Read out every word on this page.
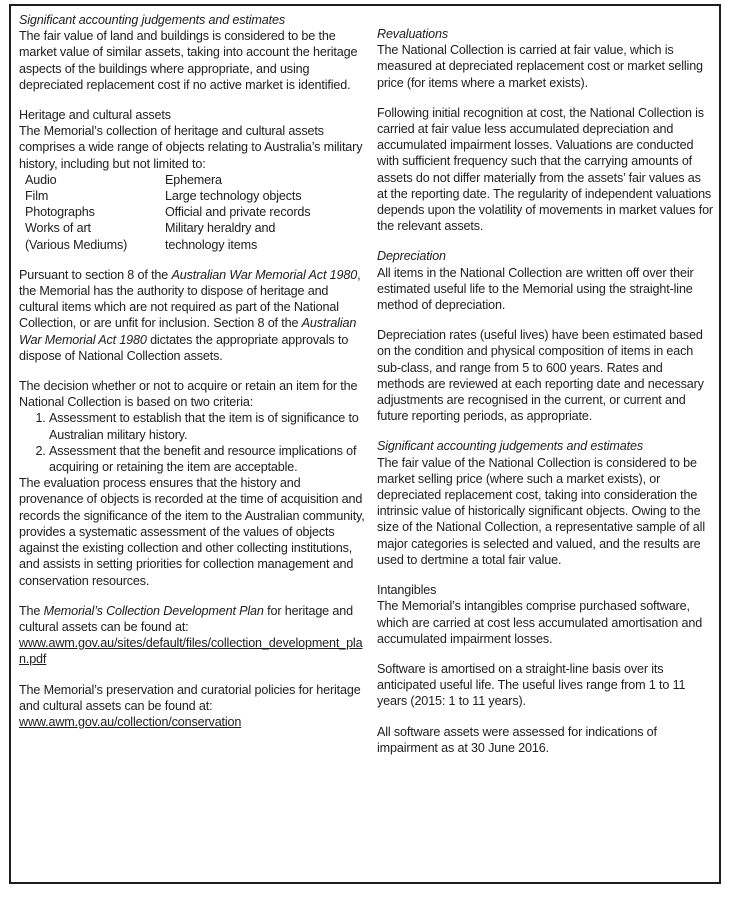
Significant accounting judgements and estimates

The fair value of land and buildings is considered to be the market value of similar assets, taking into account the heritage aspects of the buildings where appropriate, and using depreciated replacement cost if no active market is identified.

Heritage and cultural assets

The Memorial’s collection of heritage and cultural assets comprises a wide range of objects relating to Australia’s military history, including but not limited to:

Audio	Ephemera
Film	Large technology objects
Photographs	Official and private records
Works of art	Military heraldry and
(Various Mediums)	technology items

Pursuant to section 8 of the Australian War Memorial Act 1980, the Memorial has the authority to dispose of heritage and cultural items which are not required as part of the National Collection, or are unfit for inclusion. Section 8 of the Australian War Memorial Act 1980 dictates the appropriate approvals to dispose of National Collection assets.

The decision whether or not to acquire or retain an item for the National Collection is based on two criteria:

1. Assessment to establish that the item is of significance to Australian military history.
2. Assessment that the benefit and resource implications of acquiring or retaining the item are acceptable.

The evaluation process ensures that the history and provenance of objects is recorded at the time of acquisition and records the significance of the item to the Australian community, provides a systematic assessment of the values of objects against the existing collection and other collecting institutions, and assists in setting priorities for collection management and conservation resources.

The Memorial’s Collection Development Plan for heritage and cultural assets can be found at:

www.awm.gov.au/sites/default/files/collection_development_plan.pdf

The Memorial’s preservation and curatorial policies for heritage and cultural assets can be found at:

www.awm.gov.au/collection/conservation

Revaluations

The National Collection is carried at fair value, which is measured at depreciated replacement cost or market selling price (for items where a market exists).

Following initial recognition at cost, the National Collection is carried at fair value less accumulated depreciation and accumulated impairment losses. Valuations are conducted with sufficient frequency such that the carrying amounts of assets do not differ materially from the assets’ fair values as at the reporting date. The regularity of independent valuations depends upon the volatility of movements in market values for the relevant assets.

Depreciation

All items in the National Collection are written off over their estimated useful life to the Memorial using the straight-line method of depreciation.

Depreciation rates (useful lives) have been estimated based on the condition and physical composition of items in each sub-class, and range from 5 to 600 years. Rates and methods are reviewed at each reporting date and necessary adjustments are recognised in the current, or current and future reporting periods, as appropriate.

Significant accounting judgements and estimates

The fair value of the National Collection is considered to be market selling price (where such a market exists), or depreciated replacement cost, taking into consideration the intrinsic value of historically significant objects. Owing to the size of the National Collection, a representative sample of all major categories is selected and valued, and the results are used to dertmine a total fair value.

Intangibles

The Memorial’s intangibles comprise purchased software, which are carried at cost less accumulated amortisation and accumulated impairment losses.

Software is amortised on a straight-line basis over its anticipated useful life. The useful lives range from 1 to 11 years (2015: 1 to 11 years).

All software assets were assessed for indications of impairment as at 30 June 2016.
